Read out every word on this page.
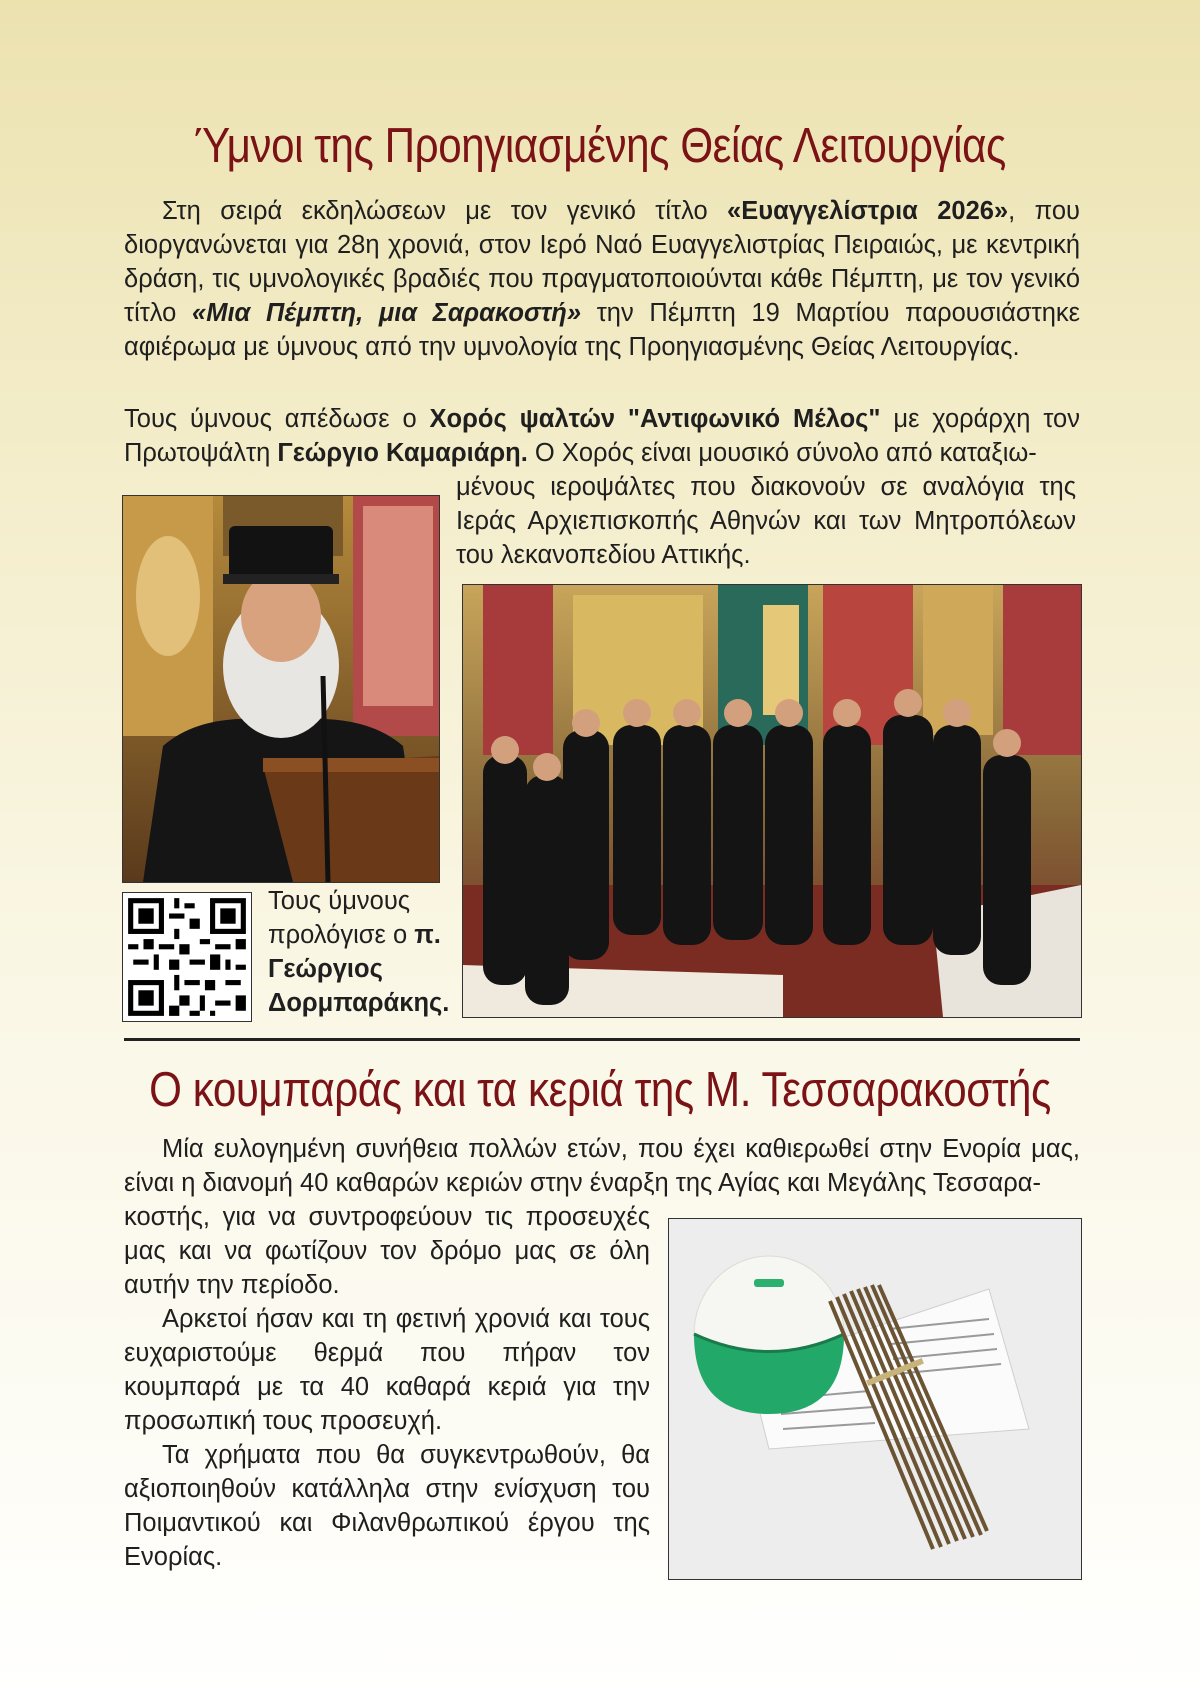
Ύμνοι της Προηγιασμένης Θείας Λειτουργίας

Στη σειρά εκδηλώσεων με τον γενικό τίτλο «Ευαγγελίστρια 2026», που διοργανώνεται για 28η χρονιά, στον Ιερό Ναό Ευαγγελιστρίας Πειραιώς, με κεντρική δράση, τις υμνολογικές βραδιές που πραγματοποιούνται κάθε Πέμπτη, με τον γενικό τίτλο «Μια Πέμπτη, μια Σαρακοστή» την Πέμπτη 19 Μαρτίου παρουσιάστηκε αφιέρωμα με ύμνους από την υμνολογία της Προηγιασμένης Θείας Λειτουργίας.

Τους ύμνους απέδωσε ο Χορός ψαλτών "Αντιφωνικό Μέλος" με χοράρχη τον Πρωτοψάλτη Γεώργιο Καμαριάρη. Ο Χορός είναι μουσικό σύνολο από καταξιω-

μένους ιεροψάλτες που διακονούν σε αναλόγια της Ιεράς Αρχιεπισκοπής Αθηνών και των Μητροπόλεων του λεκανοπεδίου Αττικής.

Τους ύμνους προλόγισε ο π. Γεώργιος Δορμπαράκης.

Ο κουμπαράς και τα κεριά της Μ. Τεσσαρακοστής

Μία ευλογημένη συνήθεια πολλών ετών, που έχει καθιερωθεί στην Ενορία μας, είναι η διανομή 40 καθαρών κεριών στην έναρξη της Αγίας και Μεγάλης Τεσσαρα-

κοστής, για να συντροφεύουν τις προσευχές μας και να φωτίζουν τον δρόμο μας σε όλη αυτήν την περίοδο.

Αρκετοί ήσαν και τη φετινή χρονιά και τους ευχαριστούμε θερμά που πήραν τον κουμπαρά με τα 40 καθαρά κεριά για την προσωπική τους προσευχή.

Τα χρήματα που θα συγκεντρωθούν, θα αξιοποιηθούν κατάλληλα στην ενίσχυση του Ποιμαντικού και Φιλανθρωπικού έργου της Ενορίας.
